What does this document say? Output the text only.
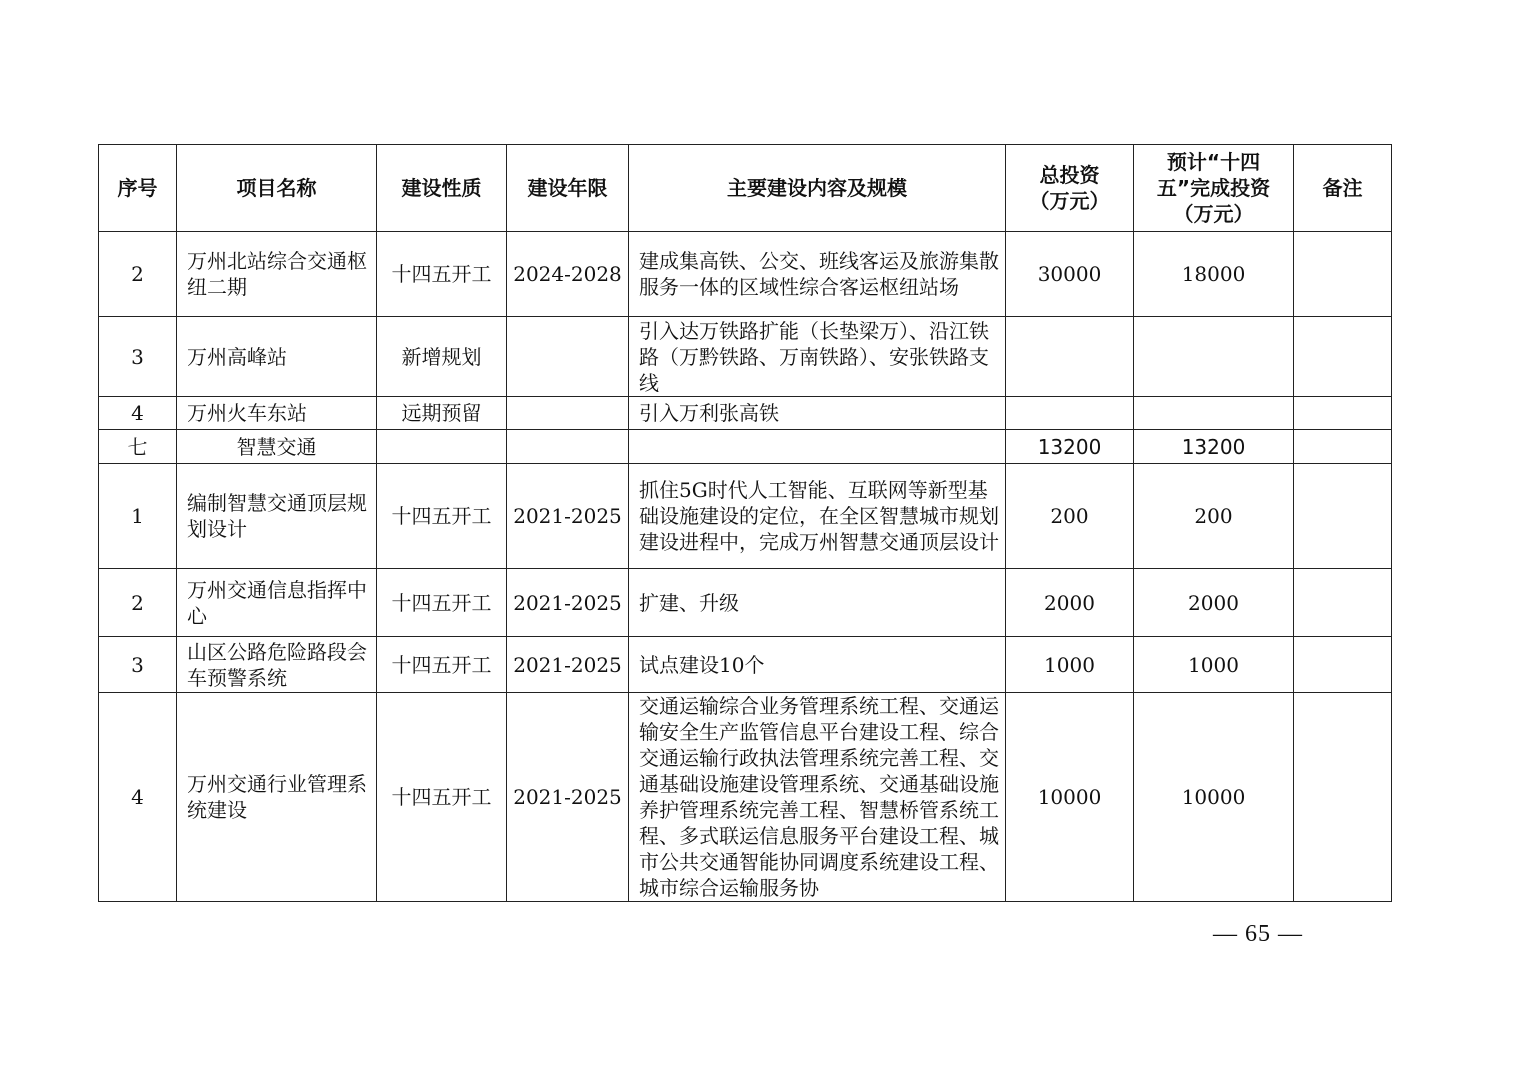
序号	项目名称	建设性质	建设年限	主要建设内容及规模	总投资（万元）	预计“十四五”完成投资（万元）	备注
2	万州北站综合交通枢纽二期	十四五开工	2024-2028	建成集高铁、公交、班线客运及旅游集散服务一体的区域性综合客运枢纽站场	30000	18000	
3	万州高峰站	新增规划		引入达万铁路扩能（长垫梁万）、沿江铁路（万黔铁路、万南铁路）、安张铁路支线			
4	万州火车东站	远期预留		引入万利张高铁			
七	智慧交通				13200	13200	
1	编制智慧交通顶层规划设计	十四五开工	2021-2025	抓住5G时代人工智能、互联网等新型基础设施建设的定位，在全区智慧城市规划建设进程中，完成万州智慧交通顶层设计	200	200	
2	万州交通信息指挥中心	十四五开工	2021-2025	扩建、升级	2000	2000	
3	山区公路危险路段会车预警系统	十四五开工	2021-2025	试点建设10个	1000	1000	
4	万州交通行业管理系统建设	十四五开工	2021-2025	交通运输综合业务管理系统工程、交通运输安全生产监管信息平台建设工程、综合交通运输行政执法管理系统完善工程、交通基础设施建设管理系统、交通基础设施养护管理系统完善工程、智慧桥管系统工程、多式联运信息服务平台建设工程、城市公共交通智能协同调度系统建设工程、城市综合运输服务协	10000	10000	
— 65 —
